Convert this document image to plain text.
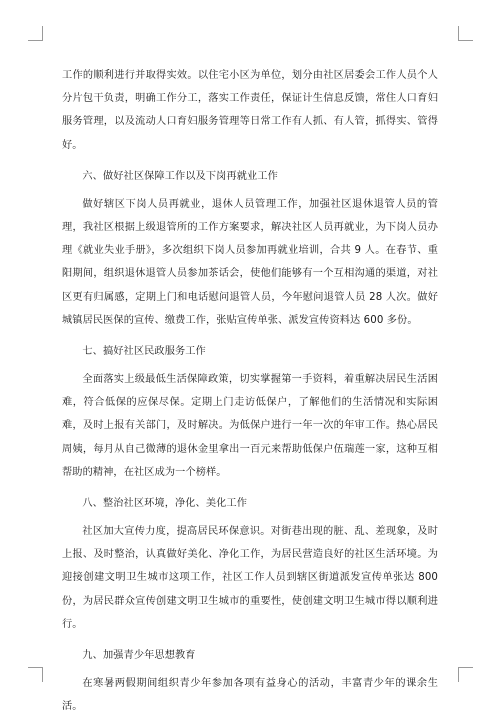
工作的顺利进行并取得实效。以住宅小区为单位，划分由社区居委会工作人员个人分片包干负责，明确工作分工，落实工作责任，保证计生信息反馈，常住人口育妇服务管理，以及流动人口育妇服务管理等日常工作有人抓、有人管，抓得实、管得好。

六、做好社区保障工作以及下岗再就业工作

做好辖区下岗人员再就业，退休人员管理工作，加强社区退休退管人员的管理，我社区根据上级退管所的工作方案要求，解决社区人员再就业，为下岗人员办理《就业失业手册》，多次组织下岗人员参加再就业培训，合共 9 人。在春节、重阳期间，组织退休退管人员参加茶话会，使他们能够有一个互相沟通的渠道，对社区更有归属感，定期上门和电话慰问退管人员，今年慰问退管人员 28 人次。做好城镇居民医保的宣传、缴费工作，张贴宣传单张、派发宣传资料达 600 多份。

七、搞好社区民政服务工作

全面落实上级最低生活保障政策，切实掌握第一手资料，着重解决居民生活困难，符合低保的应保尽保。定期上门走访低保户，了解他们的生活情况和实际困难，及时上报有关部门，及时解决。为低保户进行一年一次的年审工作。热心居民周姨，每月从自己微薄的退休金里拿出一百元来帮助低保户伍瑞莲一家，这种互相帮助的精神，在社区成为一个榜样。

八、整治社区环境，净化、美化工作

社区加大宣传力度，提高居民环保意识。对街巷出现的脏、乱、差现象，及时上报、及时整治，认真做好美化、净化工作，为居民营造良好的社区生活环境。为迎接创建文明卫生城市这项工作，社区工作人员到辖区街道派发宣传单张达 800 份，为居民群众宣传创建文明卫生城市的重要性，使创建文明卫生城市得以顺利进行。

九、加强青少年思想教育

在寒暑两假期间组织青少年参加各项有益身心的活动，丰富青少年的课余生活。
